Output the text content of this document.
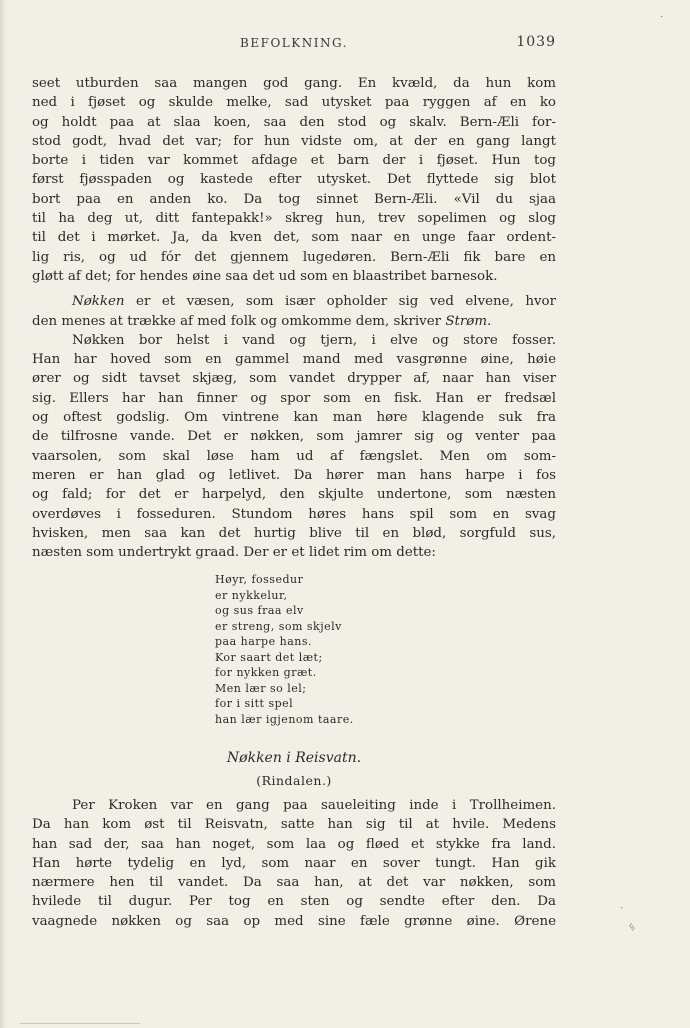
BEFOLKNING.	1039
seet utburden saa mangen god gang. En kvæld, da hun kom
ned i fjøset og skulde melke, sad utysket paa ryggen af en ko
og holdt paa at slaa koen, saa den stod og skalv. Bern-Æli for-
stod godt, hvad det var; for hun vidste om, at der en gang langt
borte i tiden var kommet afdage et barn der i fjøset. Hun tog
først fjøsspaden og kastede efter utysket. Det flyttede sig blot
bort paa en anden ko. Da tog sinnet Bern-Æli. «Vil du sjaa
til ha deg ut, ditt fantepakk!» skreg hun, trev sopelimen og slog
til det i mørket. Ja, da kven det, som naar en unge faar ordent-
lig ris, og ud fór det gjennem lugedøren. Bern-Æli fik bare en
gløtt af det; for hendes øine saa det ud som en blaastribet barnesok.
Nøkken er et væsen, som især opholder sig ved elvene, hvor
den menes at trække af med folk og omkomme dem, skriver Strøm.
Nøkken bor helst i vand og tjern, i elve og store fosser.
Han har hoved som en gammel mand med vasgrønne øine, høie
ører og sidt tavset skjæg, som vandet drypper af, naar han viser
sig. Ellers har han finner og spor som en fisk. Han er fredsæl
og oftest godslig. Om vintrene kan man høre klagende suk fra
de tilfrosne vande. Det er nøkken, som jamrer sig og venter paa
vaarsolen, som skal løse ham ud af fængslet. Men om som-
meren er han glad og letlivet. Da hører man hans harpe i fos
og fald; for det er harpelyd, den skjulte undertone, som næsten
overdøves i fosseduren. Stundom høres hans spil som en svag
hvisken, men saa kan det hurtig blive til en blød, sorgfuld sus,
næsten som undertrykt graad. Der er et lidet rim om dette:
Høyr, fossedur
er nykkelur,
og sus fraa elv
er streng, som skjelv
paa harpe hans.
Kor saart det læt;
for nykken græt.
Men lær so lel;
for i sitt spel
han lær igjenom taare.
Nøkken i Reisvatn.
(Rindalen.)
Per Kroken var en gang paa saueleiting inde i Trollheimen.
Da han kom øst til Reisvatn, satte han sig til at hvile. Medens
han sad der, saa han noget, som laa og fløed et stykke fra land.
Han hørte tydelig en lyd, som naar en sover tungt. Han gik
nærmere hen til vandet. Da saa han, at det var nøkken, som
hvilede til dugur. Per tog en sten og sendte efter den. Da
vaagnede nøkken og saa op med sine fæle grønne øine. Ørene
·
ˎ
ᛃ
